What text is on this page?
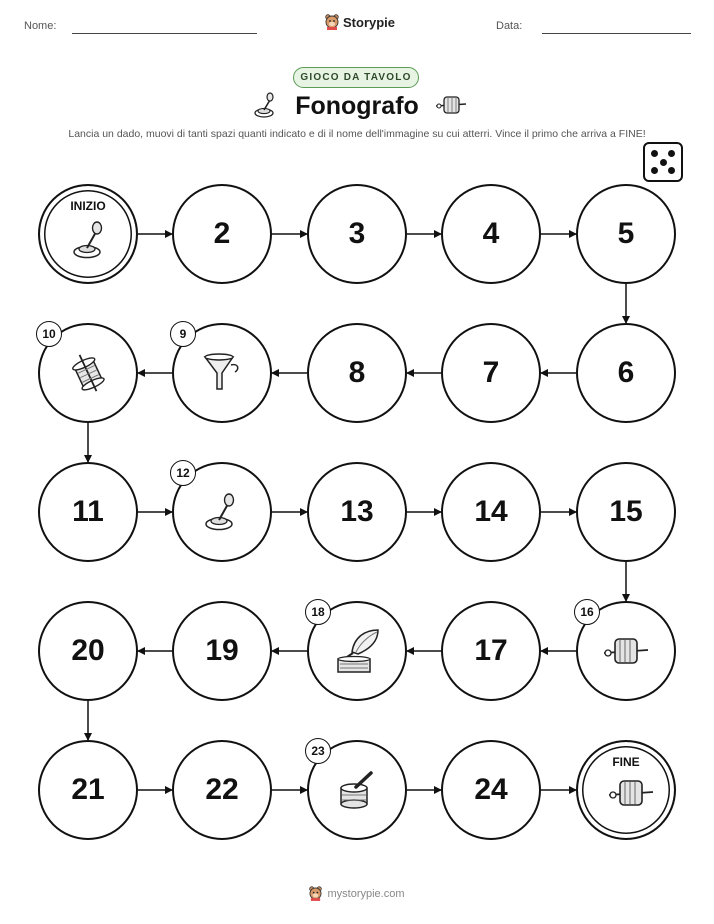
Nome:	Storypie	Data:
GIOCO DA TAVOLO
Fonografo
Lancia un dado, muovi di tanti spazi quanti indicato e di il nome dell'immagine su cui atterri. Vince il primo che arriva a FINE!
INIZIO
2	3	4	5
6
7
8
9
10
11
12
13	14	15
16
17
18
19
20
21	22
23
24
FINE
mystorypie.com
